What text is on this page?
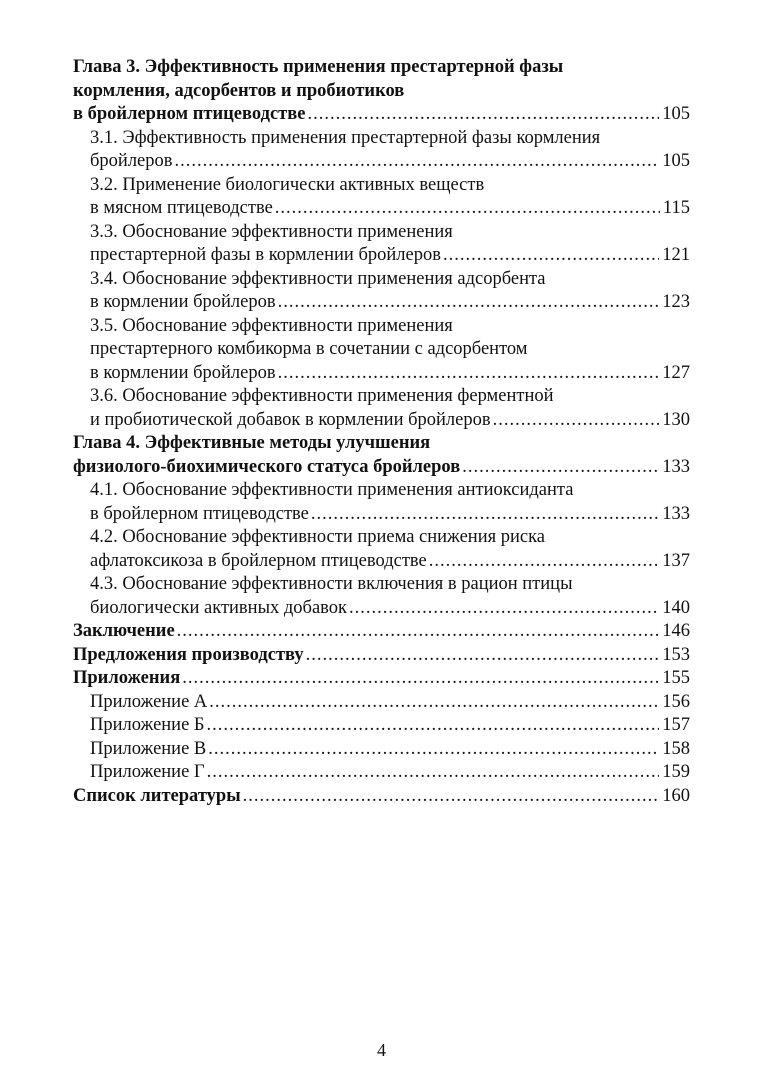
Глава 3. Эффективность применения престартерной фазы
кормления, адсорбентов и пробиотиков
в бройлерном птицеводстве .....	105
3.1. Эффективность применения престартерной фазы кормления
бройлеров .....	105
3.2. Применение биологически активных веществ
в мясном птицеводстве .....	115
3.3. Обоснование эффективности применения
престартерной фазы в кормлении бройлеров .....	121
3.4. Обоснование эффективности применения адсорбента
в кормлении бройлеров .....	123
3.5. Обоснование эффективности применения
престартерного комбикорма в сочетании с адсорбентом
в кормлении бройлеров .....	127
3.6. Обоснование эффективности применения ферментной
и пробиотической добавок в кормлении бройлеров .....	130
Глава 4. Эффективные методы улучшения
физиолого-биохимического статуса бройлеров .....	133
4.1. Обоснование эффективности применения антиоксиданта
в бройлерном птицеводстве .....	133
4.2. Обоснование эффективности приема снижения риска
афлатоксикоза в бройлерном птицеводстве .....	137
4.3. Обоснование эффективности включения в рацион птицы
биологически активных добавок .....	140
Заключение .....	146
Предложения производству .....	153
Приложения .....	155
Приложение А .....	156
Приложение Б .....	157
Приложение В .....	158
Приложение Г .....	159
Список литературы .....	160
4
